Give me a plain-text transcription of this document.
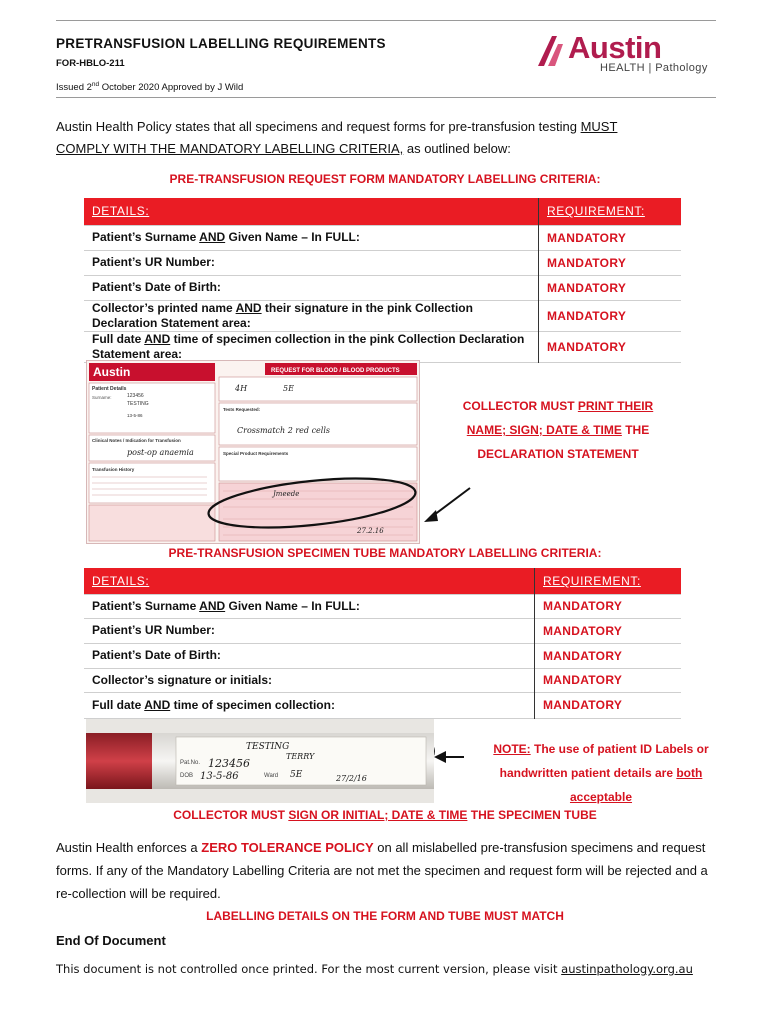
PRETRANSFUSION LABELLING REQUIREMENTS
FOR-HBLO-211
Issued 2nd October 2020 Approved by J Wild
Austin
HEALTH | Pathology
Austin Health Policy states that all specimens and request forms for pre-transfusion testing MUST
COMPLY WITH THE MANDATORY LABELLING CRITERIA, as outlined below:
PRE-TRANSFUSION REQUEST FORM MANDATORY LABELLING CRITERIA:
DETAILS:	REQUIREMENT:
Patient’s Surname AND Given Name – In FULL:	MANDATORY
Patient’s UR Number:	MANDATORY
Patient’s Date of Birth:	MANDATORY
Collector’s printed name AND their signature in the pink Collection Declaration Statement area:	MANDATORY
Full date AND time of specimen collection in the pink Collection Declaration Statement area:	MANDATORY
Austin	REQUEST FOR BLOOD / BLOOD PRODUCTS
Patient Details
Surname:	123456
TESTING
13-5-86
Clinical Notes / Indication for Transfusion
post-op anaemia
Transfusion History
4H	5E
Tests Requested:
Crossmatch 2 red cells
Special Product Requirements
Jmeede
27.2.16
COLLECTOR MUST PRINT THEIR
NAME; SIGN; DATE & TIME THE
DECLARATION STATEMENT
PRE-TRANSFUSION SPECIMEN TUBE MANDATORY LABELLING CRITERIA:
DETAILS:	REQUIREMENT:
Patient’s Surname AND Given Name – In FULL:	MANDATORY
Patient’s UR Number:	MANDATORY
Patient’s Date of Birth:	MANDATORY
Collector’s signature or initials:	MANDATORY
Full date AND time of specimen collection:	MANDATORY
TESTING
TERRY
Pat.No. 123456
DOB 13-5-86	Ward 5E	27/2/16
NOTE: The use of patient ID Labels or
handwritten patient details are both
acceptable
COLLECTOR MUST SIGN OR INITIAL; DATE & TIME THE SPECIMEN TUBE
Austin Health enforces a ZERO TOLERANCE POLICY on all mislabelled pre-transfusion specimens and request forms. If any of the Mandatory Labelling Criteria are not met the specimen and request form will be rejected and a re-collection will be required.
LABELLING DETAILS ON THE FORM AND TUBE MUST MATCH
End Of Document
This document is not controlled once printed. For the most current version, please visit austinpathology.org.au
